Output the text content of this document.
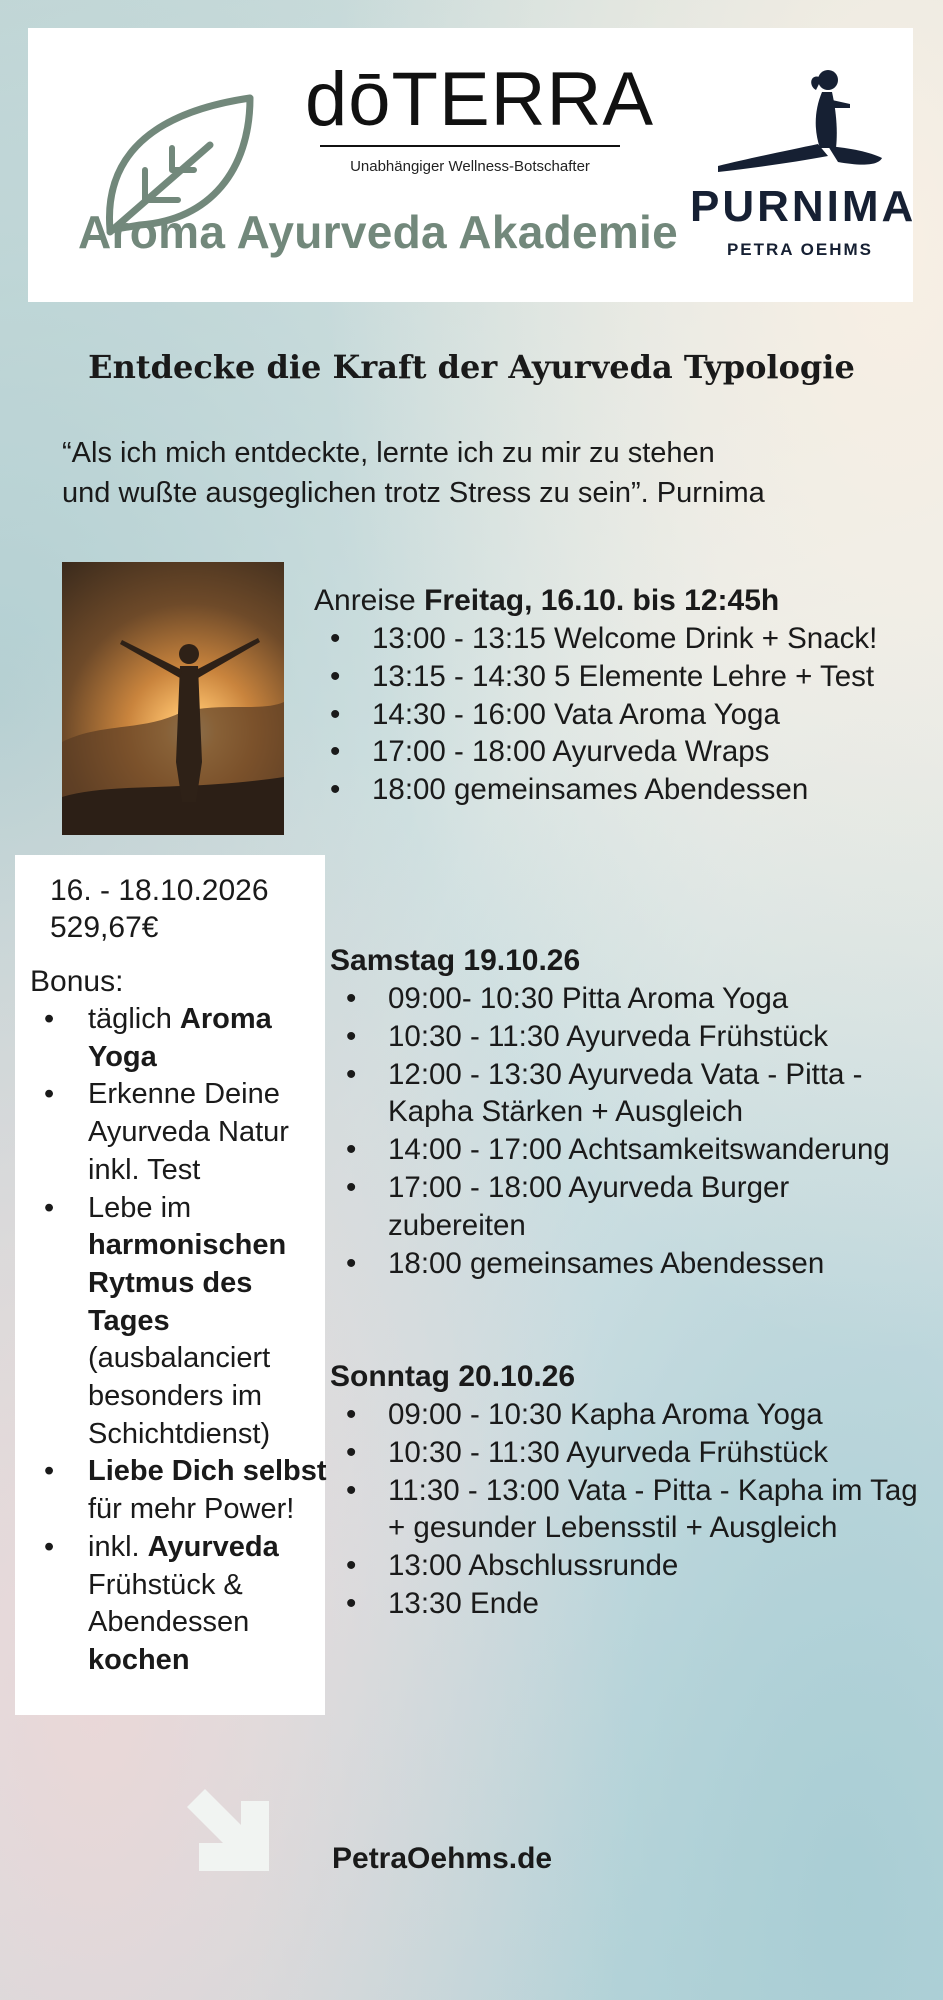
Aroma Ayurveda Akademie
dōTERRA
Unabhängiger Wellness-Botschafter
PURNIMA
PETRA OEHMS
Entdecke die Kraft der Ayurveda Typologie
“Als ich mich entdeckte, lernte ich zu mir zu stehen
und wußte ausgeglichen trotz Stress zu sein”. Purnima
16. - 18.10.2026
529,67€
Bonus:
• täglich Aroma Yoga
• Erkenne Deine Ayurveda Natur inkl. Test
• Lebe im harmonischen Rytmus des Tages (ausbalanciert besonders im Schichtdienst)
• Liebe Dich selbst für mehr Power!
• inkl. Ayurveda Frühstück & Abendessen kochen
Anreise Freitag, 16.10. bis 12:45h
• 13:00 - 13:15 Welcome Drink + Snack!
• 13:15 - 14:30 5 Elemente Lehre + Test
• 14:30 - 16:00 Vata Aroma Yoga
• 17:00 - 18:00 Ayurveda Wraps
• 18:00 gemeinsames Abendessen
Samstag 19.10.26
• 09:00- 10:30 Pitta Aroma Yoga
• 10:30 - 11:30 Ayurveda Frühstück
• 12:00 - 13:30 Ayurveda Vata - Pitta -Kapha Stärken + Ausgleich
• 14:00 - 17:00 Achtsamkeitswanderung
• 17:00 - 18:00 Ayurveda Burger zubereiten
• 18:00 gemeinsames Abendessen
Sonntag 20.10.26
• 09:00 - 10:30 Kapha Aroma Yoga
• 10:30 - 11:30 Ayurveda Frühstück
• 11:30 - 13:00 Vata - Pitta - Kapha im Tag + gesunder Lebensstil + Ausgleich
• 13:00 Abschlussrunde
• 13:30 Ende
PetraOehms.de
